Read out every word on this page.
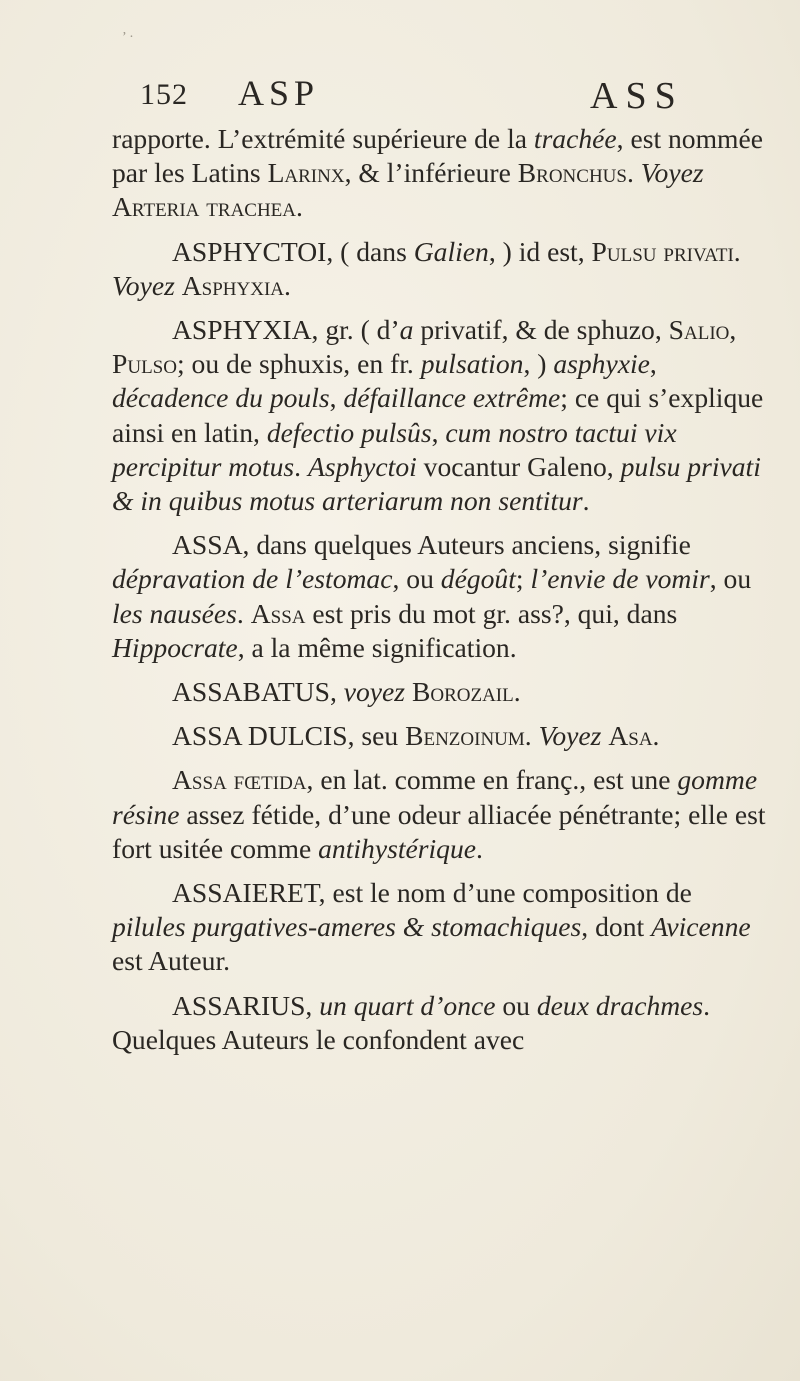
’ ·
152 ASP	ASS

rapporte. L’extrémité supérieure de la trachée, est nommée par les Latins Larinx, & l’inférieure Bronchus. Voyez Arteria trachea.

ASPHYCTOI, ( dans Galien, ) id est, Pulsu privati. Voyez Asphyxia.

ASPHYXIA, gr. ( d’a privatif, & de sphuzo, Salio, Pulso; ou de sphuxis, en fr. pulsation, ) asphyxie, décadence du pouls, défaillance extrême; ce qui s’explique ainsi en latin, defectio pulsûs, cum nostro tactui vix percipitur motus. Asphyctoi vocantur Galeno, pulsu privati & in quibus motus arteriarum non sentitur.

ASSA, dans quelques Auteurs anciens, signifie dépravation de l’estomac, ou dégoût; l’envie de vomir, ou les nausées. Assa est pris du mot gr. ass?, qui, dans Hippocrate, a la même signification.

ASSABATUS, voyez Borozail.

ASSA DULCIS, seu Benzoinum. Voyez Asa.

Assa fœtida, en lat. comme en franç., est une gomme résine assez fétide, d’une odeur alliacée pénétrante; elle est fort usitée comme antihystérique.

ASSAIERET, est le nom d’une composition de pilules purgatives-ameres & stomachiques, dont Avicenne est Auteur.

ASSARIUS, un quart d’once ou deux drachmes. Quelques Auteurs le confondent avec
